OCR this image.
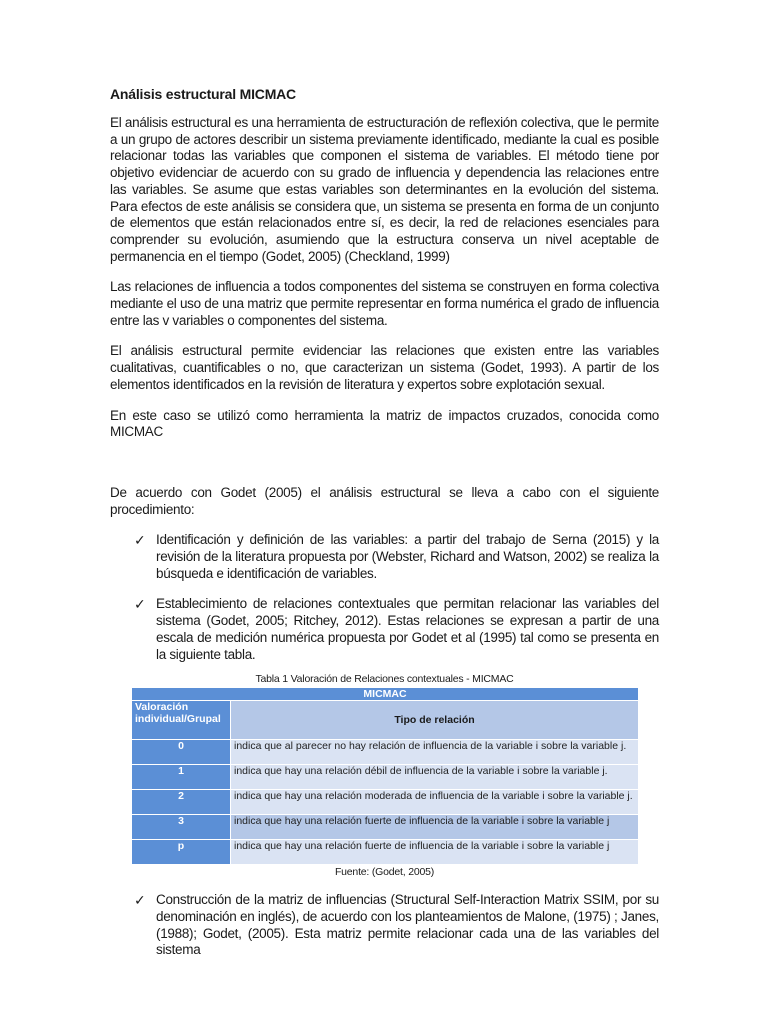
Análisis estructural MICMAC

El análisis estructural es una herramienta de estructuración de reflexión colectiva, que le permite a un grupo de actores describir un sistema previamente identificado, mediante la cual es posible relacionar todas las variables que componen el sistema de variables. El método tiene por objetivo evidenciar de acuerdo con su grado de influencia y dependencia las relaciones entre las variables. Se asume que estas variables son determinantes en la evolución del sistema. Para efectos de este análisis se considera que, un sistema se presenta en forma de un conjunto de elementos que están relacionados entre sí, es decir, la red de relaciones esenciales para comprender su evolución, asumiendo que la estructura conserva un nivel aceptable de permanencia en el tiempo (Godet, 2005) (Checkland, 1999)

Las relaciones de influencia a todos componentes del sistema se construyen en forma colectiva mediante el uso de una matriz que permite representar en forma numérica el grado de influencia entre las v variables o componentes del sistema.

El análisis estructural permite evidenciar las relaciones que existen entre las variables cualitativas, cuantificables o no, que caracterizan un sistema (Godet, 1993). A partir de los elementos identificados en la revisión de literatura y expertos sobre explotación sexual.

En este caso se utilizó como herramienta la matriz de impactos cruzados, conocida como MICMAC

De acuerdo con Godet (2005) el análisis estructural se lleva a cabo con el siguiente procedimiento:

✓ Identificación y definición de las variables: a partir del trabajo de Serna (2015) y la revisión de la literatura propuesta por (Webster, Richard and Watson, 2002) se realiza la búsqueda e identificación de variables.
✓ Establecimiento de relaciones contextuales que permitan relacionar las variables del sistema (Godet, 2005; Ritchey, 2012). Estas relaciones se expresan a partir de una escala de medición numérica propuesta por Godet et al (1995) tal como se presenta en la siguiente tabla.
Tabla 1 Valoración de Relaciones contextuales - MICMAC
MICMAC	
Valoración individual/Grupal	Tipo de relación
0	indica que al parecer no hay relación de influencia de la variable i sobre la variable j.
1	indica que hay una relación débil de influencia de la variable i sobre la variable j.
2	indica que hay una relación moderada de influencia de la variable i sobre la variable j.
3	indica que hay una relación fuerte de influencia de la variable i sobre la variable j
p	indica que hay una relación fuerte de influencia de la variable i sobre la variable j
Fuente: (Godet, 2005)
✓ Construcción de la matriz de influencias (Structural Self-Interaction Matrix SSIM, por su denominación en inglés), de acuerdo con los planteamientos de Malone, (1975) ; Janes, (1988); Godet, (2005). Esta matriz permite relacionar cada una de las variables del sistema
